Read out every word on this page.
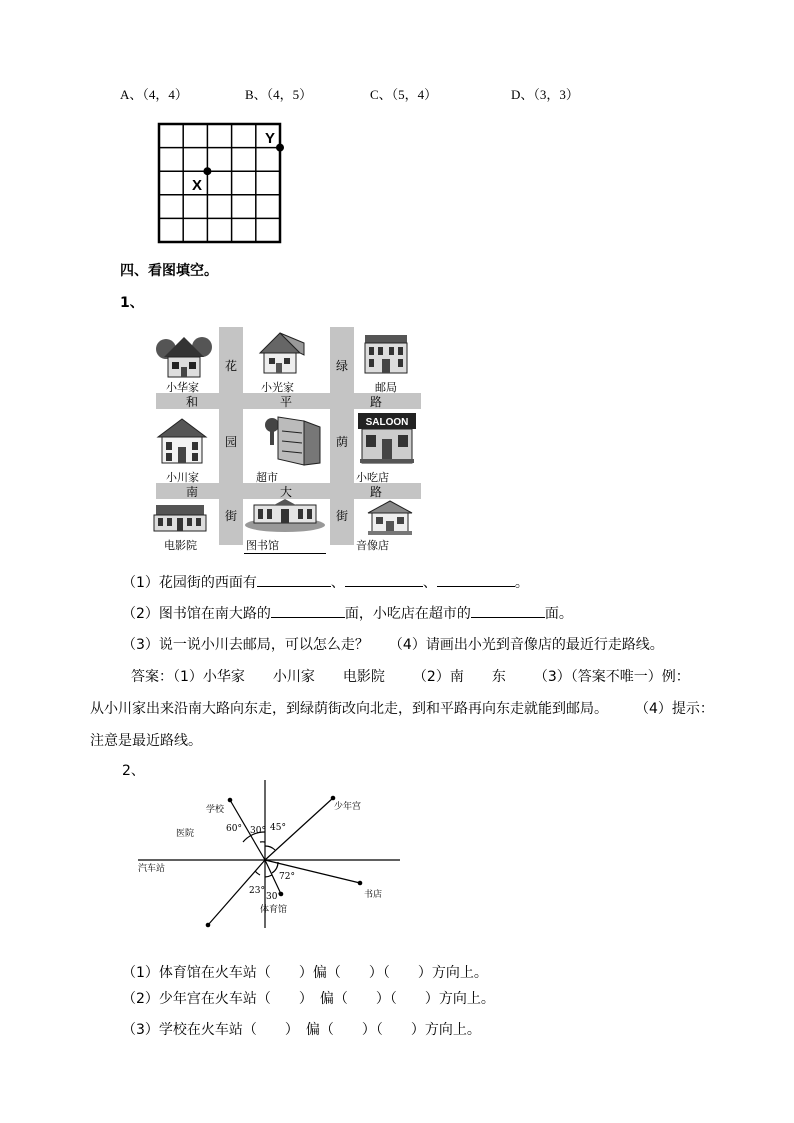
A、（4，4）	B、（4，5）	C、（5，4）	D、（3，3）
X
Y
四、看图填空。
1、
花
园
街
绿
荫
街
和	平	路
南	大	路
SALOON
小华家	小光家	邮局
小川家	超市	小吃店
电影院	图书馆	音像店
（1）花园街的西面有	、	、	。
（2）图书馆在南大路的	面，小吃店在超市的	面。
（3）说一说小川去邮局，可以怎么走？ （4）请画出小光到音像店的最近行走路线。
答案：（1）小华家 小川家 电影院 （2）南 东 （3）（答案不唯一）例：
从小川家出来沿南大路向东走，到绿荫街改向北走，到和平路再向东走就能到邮局。 （4）提示：
注意是最近路线。
2、
学校	少年宫
医院
汽车站
书店
体育馆
60° 30° 45°
72°
23°
30°
（1）体育馆在火车站（　　）偏（　　）（　　）方向上。
（2）少年宫在火车站（　　）　偏（　　）（　　）方向上。
（3）学校在火车站（　　）　偏（　　）（　　）方向上。
